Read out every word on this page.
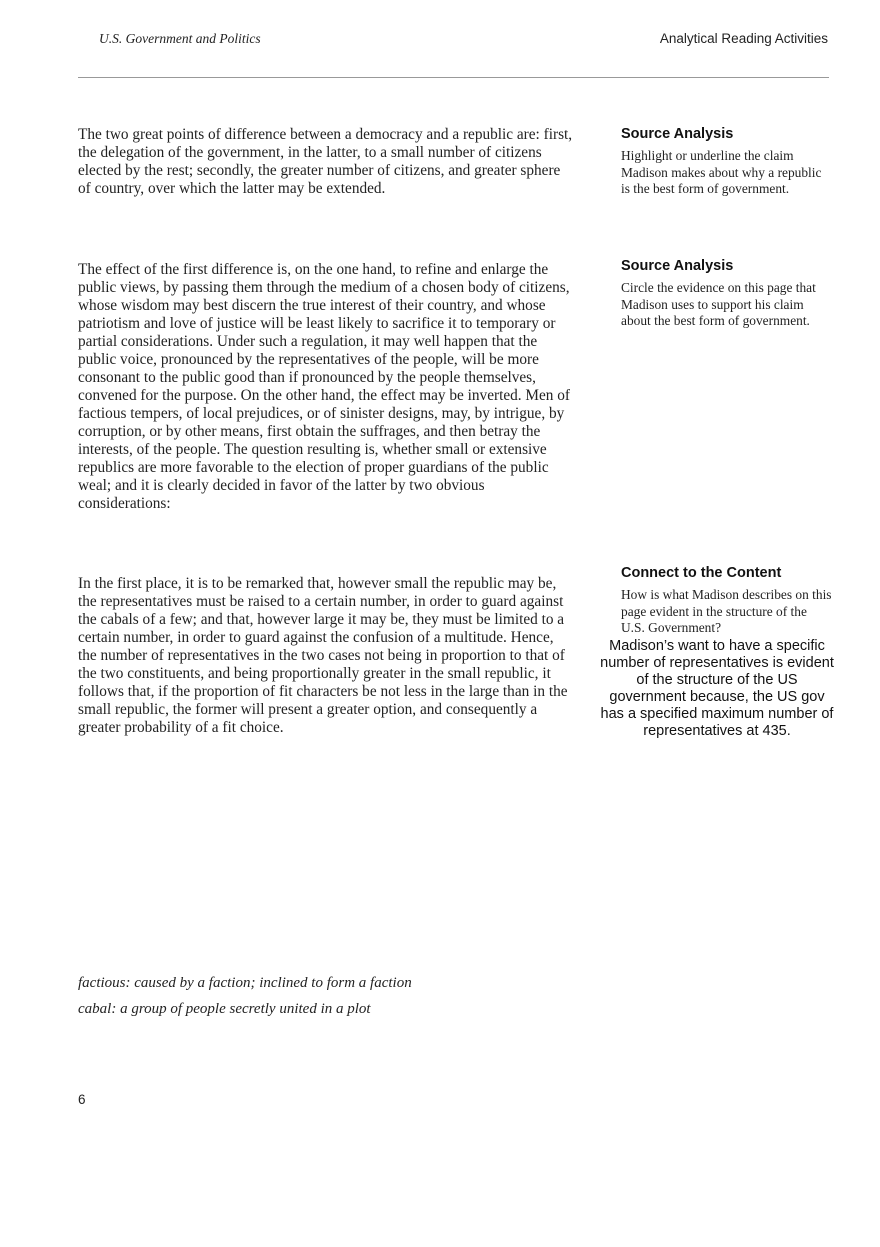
U.S. Government and Politics	Analytical Reading Activities

The two great points of difference between a democracy and a republic are: first, the delegation of the government, in the latter, to a small number of citizens elected by the rest; secondly, the greater number of citizens, and greater sphere of country, over which the latter may be extended.

The effect of the first difference is, on the one hand, to refine and enlarge the public views, by passing them through the medium of a chosen body of citizens, whose wisdom may best discern the true interest of their country, and whose patriotism and love of justice will be least likely to sacrifice it to temporary or partial considerations. Under such a regulation, it may well happen that the public voice, pronounced by the representatives of the people, will be more consonant to the public good than if pronounced by the people themselves, convened for the purpose. On the other hand, the effect may be inverted. Men of factious tempers, of local prejudices, or of sinister designs, may, by intrigue, by corruption, or by other means, first obtain the suffrages, and then betray the interests, of the people. The question resulting is, whether small or extensive republics are more favorable to the election of proper guardians of the public weal; and it is clearly decided in favor of the latter by two obvious considerations:

In the first place, it is to be remarked that, however small the republic may be, the representatives must be raised to a certain number, in order to guard against the cabals of a few; and that, however large it may be, they must be limited to a certain number, in order to guard against the confusion of a multitude. Hence, the number of representatives in the two cases not being in proportion to that of the two constituents, and being proportionally greater in the small republic, it follows that, if the proportion of fit characters be not less in the large than in the small republic, the former will present a greater option, and consequently a greater probability of a fit choice.

Source Analysis

Highlight or underline the claim Madison makes about why a republic is the best form of government.

Source Analysis

Circle the evidence on this page that Madison uses to support his claim about the best form of government.

Connect to the Content

How is what Madison describes on this page evident in the structure of the U.S. Government?

Madison’s want to have a specific number of representatives is evident of the structure of the US government because, the US gov has a specified maximum number of representatives at 435.

factious: caused by a faction; inclined to form a faction
cabal: a group of people secretly united in a plot
6
